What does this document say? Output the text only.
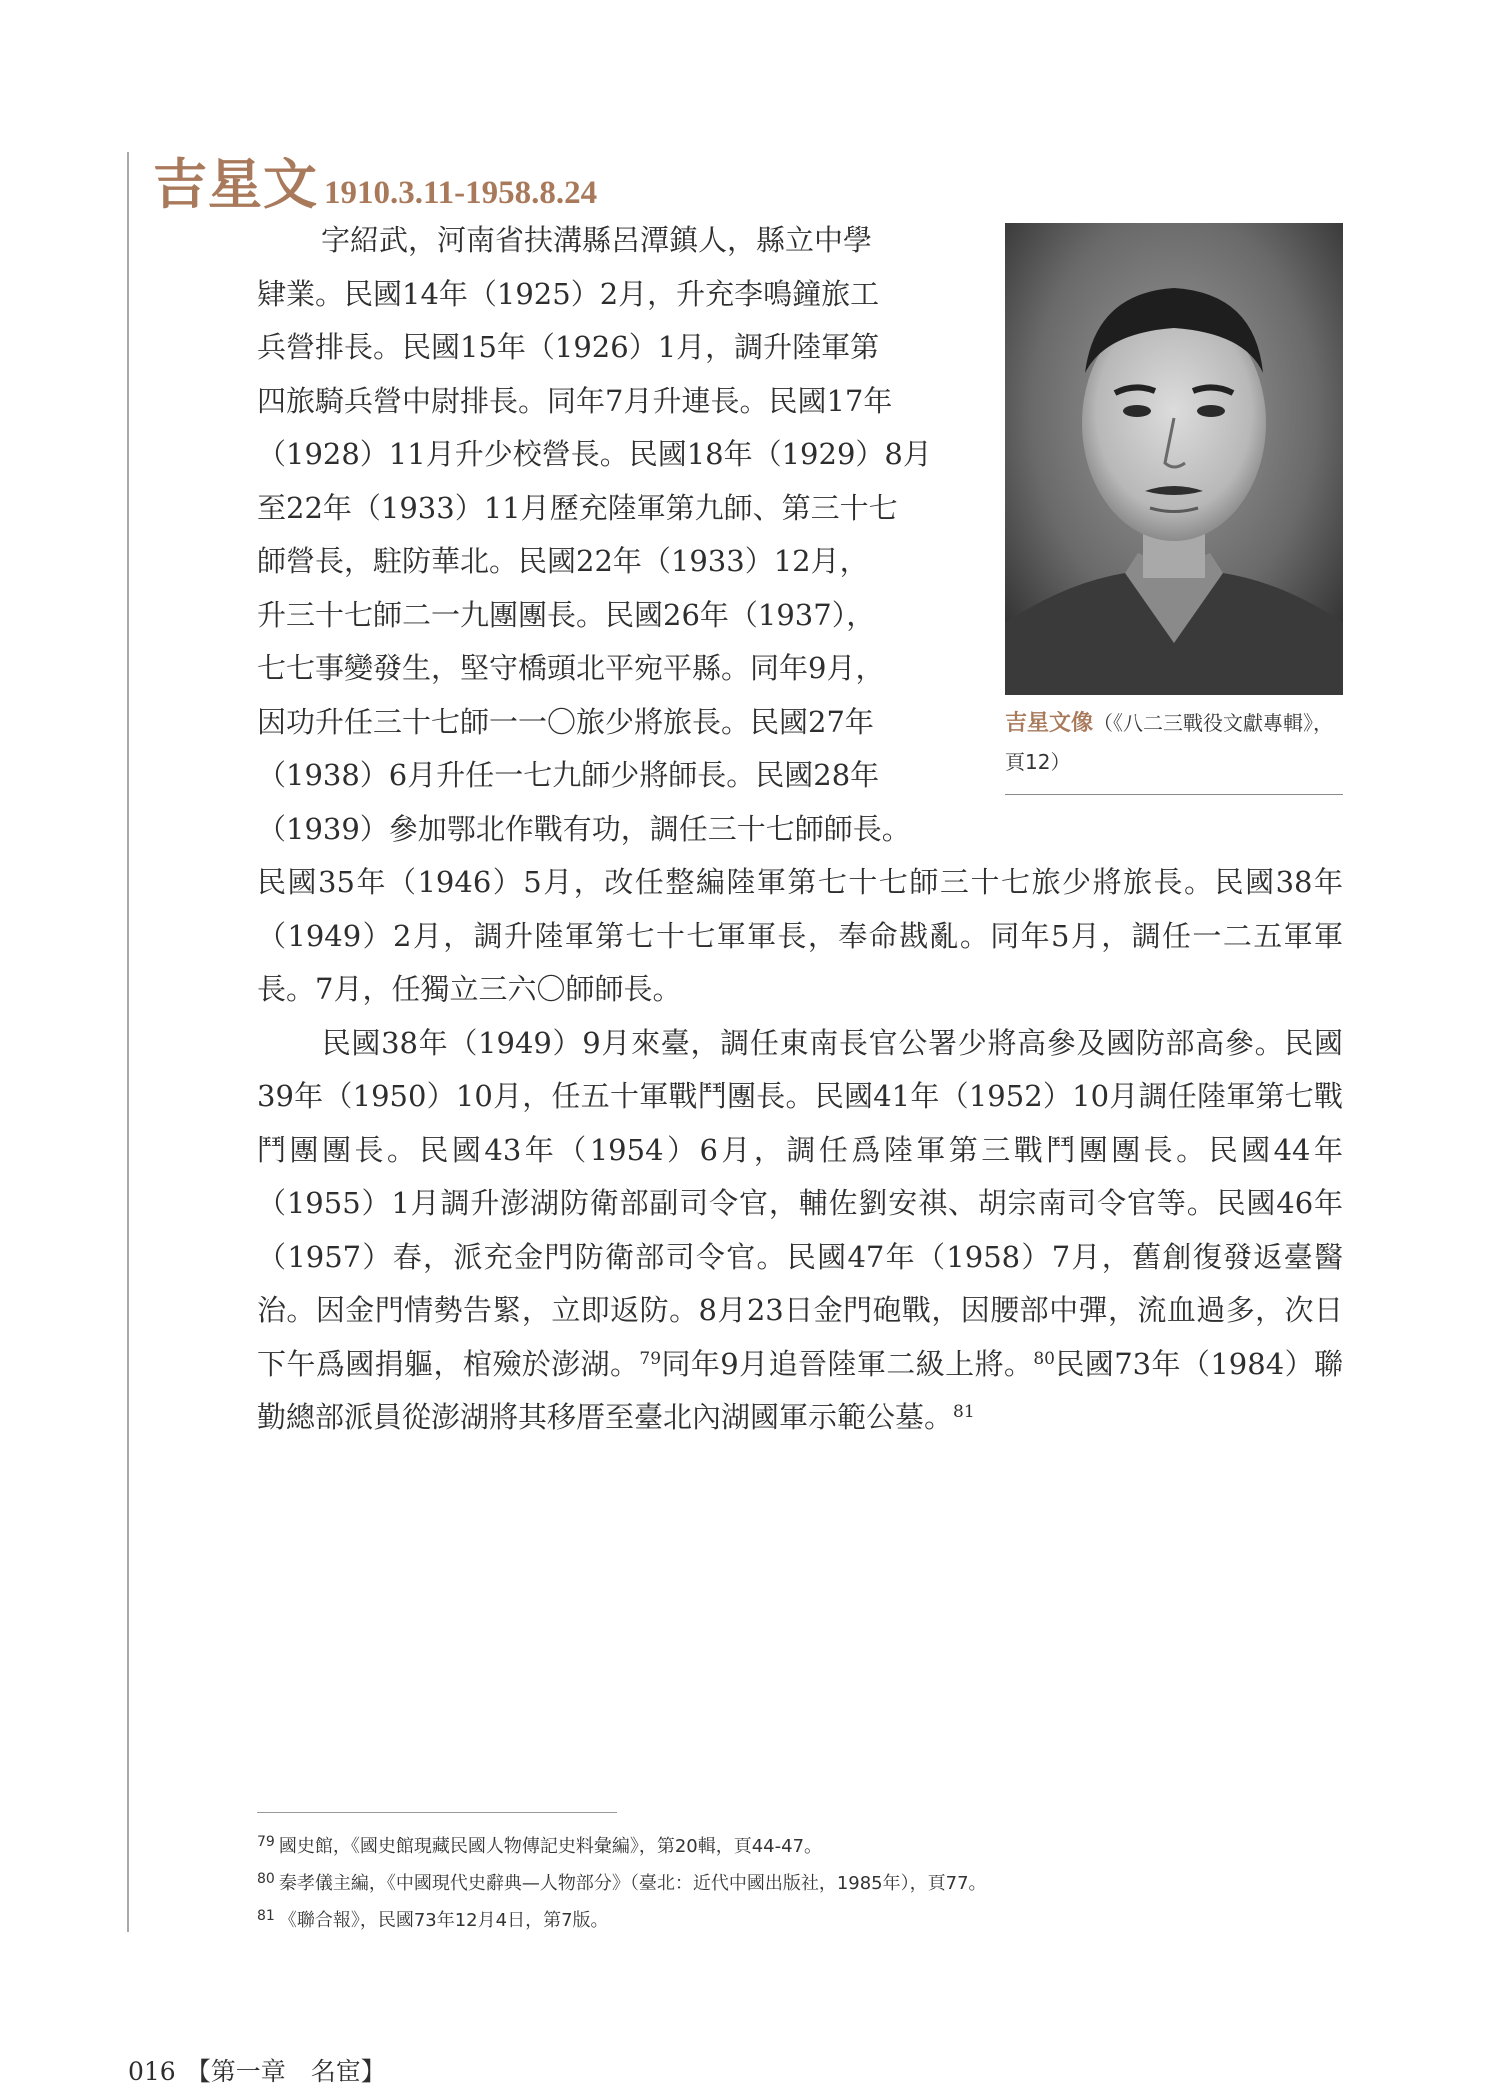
吉星文 1910.3.11-1958.8.24

字紹武，河南省扶溝縣呂潭鎮人，縣立中學

肄業。民國14年（1925）2月，升充李鳴鐘旅工

兵營排長。民國15年（1926）1月，調升陸軍第

四旅騎兵營中尉排長。同年7月升連長。民國17年

（1928）11月升少校營長。民國18年（1929）8月

至22年（1933）11月歷充陸軍第九師、第三十七

師營長，駐防華北。民國22年（1933）12月，

升三十七師二一九團團長。民國26年（1937），

七七事變發生，堅守橋頭北平宛平縣。同年9月，

因功升任三十七師一一〇旅少將旅長。民國27年

（1938）6月升任一七九師少將師長。民國28年

（1939）參加鄂北作戰有功，調任三十七師師長。

民國35年（1946）5月，改任整編陸軍第七十七師三十七旅少將旅長。民國38年（1949）2月，調升陸軍第七十七軍軍長，奉命戡亂。同年5月，調任一二五軍軍長。7月，任獨立三六〇師師長。

民國38年（1949）9月來臺，調任東南長官公署少將高參及國防部高參。民國39年（1950）10月，任五十軍戰鬥團長。民國41年（1952）10月調任陸軍第七戰鬥團團長。民國43年（1954）6月，調任爲陸軍第三戰鬥團團長。民國44年（1955）1月調升澎湖防衛部副司令官，輔佐劉安祺、胡宗南司令官等。民國46年（1957）春，派充金門防衛部司令官。民國47年（1958）7月，舊創復發返臺醫治。因金門情勢告緊，立即返防。8月23日金門砲戰，因腰部中彈，流血過多，次日下午爲國捐軀，棺殮於澎湖。$^{79}$同年9月追晉陸軍二級上將。$^{80}$民國73年（1984）聯勤總部派員從澎湖將其移厝至臺北內湖國軍示範公墓。$^{81}$

吉星文像（《八二三戰役文獻專輯》，頁12）
$^{79}$ 國史館，《國史館現藏民國人物傳記史料彙編》，第20輯，頁44-47。
$^{80}$ 秦孝儀主編，《中國現代史辭典—人物部分》（臺北：近代中國出版社，1985年），頁77。
$^{81}$ 《聯合報》，民國73年12月4日，第7版。
016 【第一章　名宦】
